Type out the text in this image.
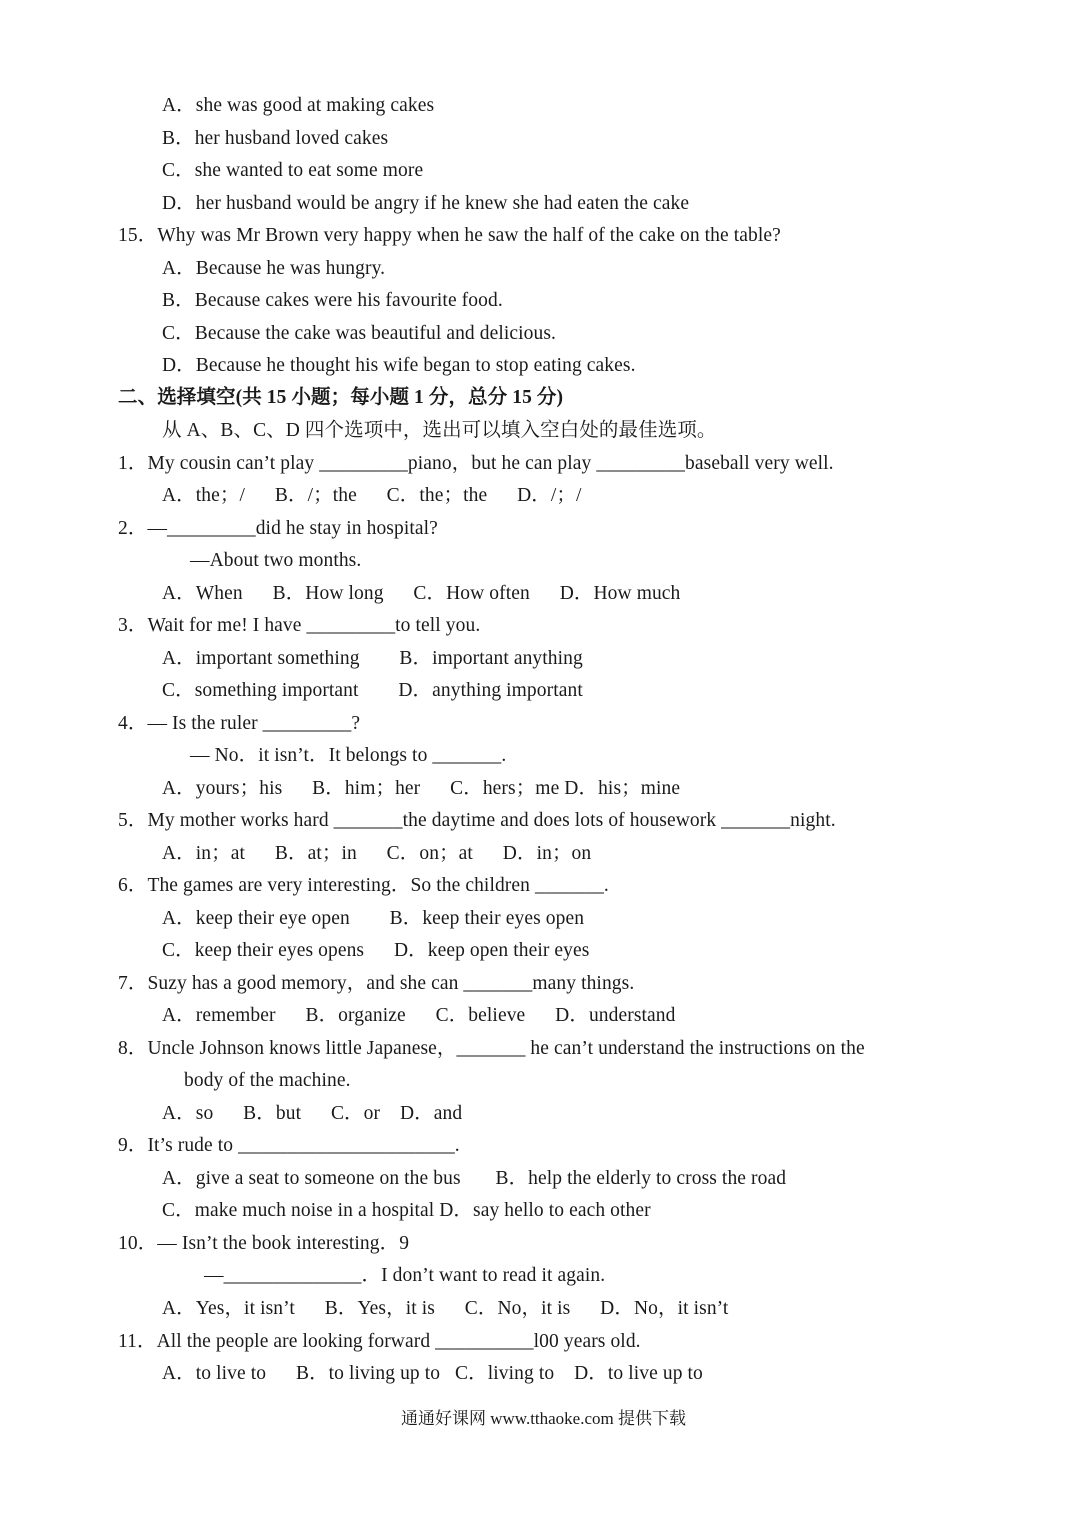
A．she was good at making cakes
B．her husband loved cakes
C．she wanted to eat some more
D．her husband would be angry if he knew she had eaten the cake
15．Why was Mr Brown very happy when he saw the half of the cake on the table?
A．Because he was hungry.
B．Because cakes were his favourite food.
C．Because the cake was beautiful and delicious.
D．Because he thought his wife began to stop eating cakes.
二、选择填空(共 15 小题；每小题 1 分，总分 15 分)
从 A、B、C、D 四个选项中，选出可以填入空白处的最佳选项。
1．My cousin can’t play _________piano，but he can play _________baseball very well.
A．the；/      B．/；the      C．the；the      D．/；/
2．—_________did he stay in hospital?
—About two months.
A．When      B．How long      C．How often      D．How much
3．Wait for me! I have _________to tell you.
A．important something        B．important anything
C．something important        D．anything important
4．— Is the ruler _________?
— No．it isn’t．It belongs to _______.
A．yours；his      B．him；her      C．hers；me D．his；mine
5．My mother works hard _______the daytime and does lots of housework _______night.
A．in；at      B．at；in      C．on；at      D．in；on
6．The games are very interesting．So the children _______.
A．keep their eye open        B．keep their eyes open
C．keep their eyes opens      D．keep open their eyes
7．Suzy has a good memory，and she can _______many things.
A．remember      B．organize      C．believe      D．understand
8．Uncle Johnson knows little Japanese，_______ he can’t understand the instructions on the
body of the machine.
A．so      B．but      C．or    D．and
9．It’s rude to ______________________.
A．give a seat to someone on the bus       B．help the elderly to cross the road
C．make much noise in a hospital D．say hello to each other
10．— Isn’t the book interesting．9
—______________．I don’t want to read it again.
A．Yes，it isn’t      B．Yes，it is      C．No，it is      D．No，it isn’t
11．All the people are looking forward __________l00 years old.
A．to live to      B．to living up to   C．living to    D．to live up to
通通好课网 www.tthaoke.com 提供下载
